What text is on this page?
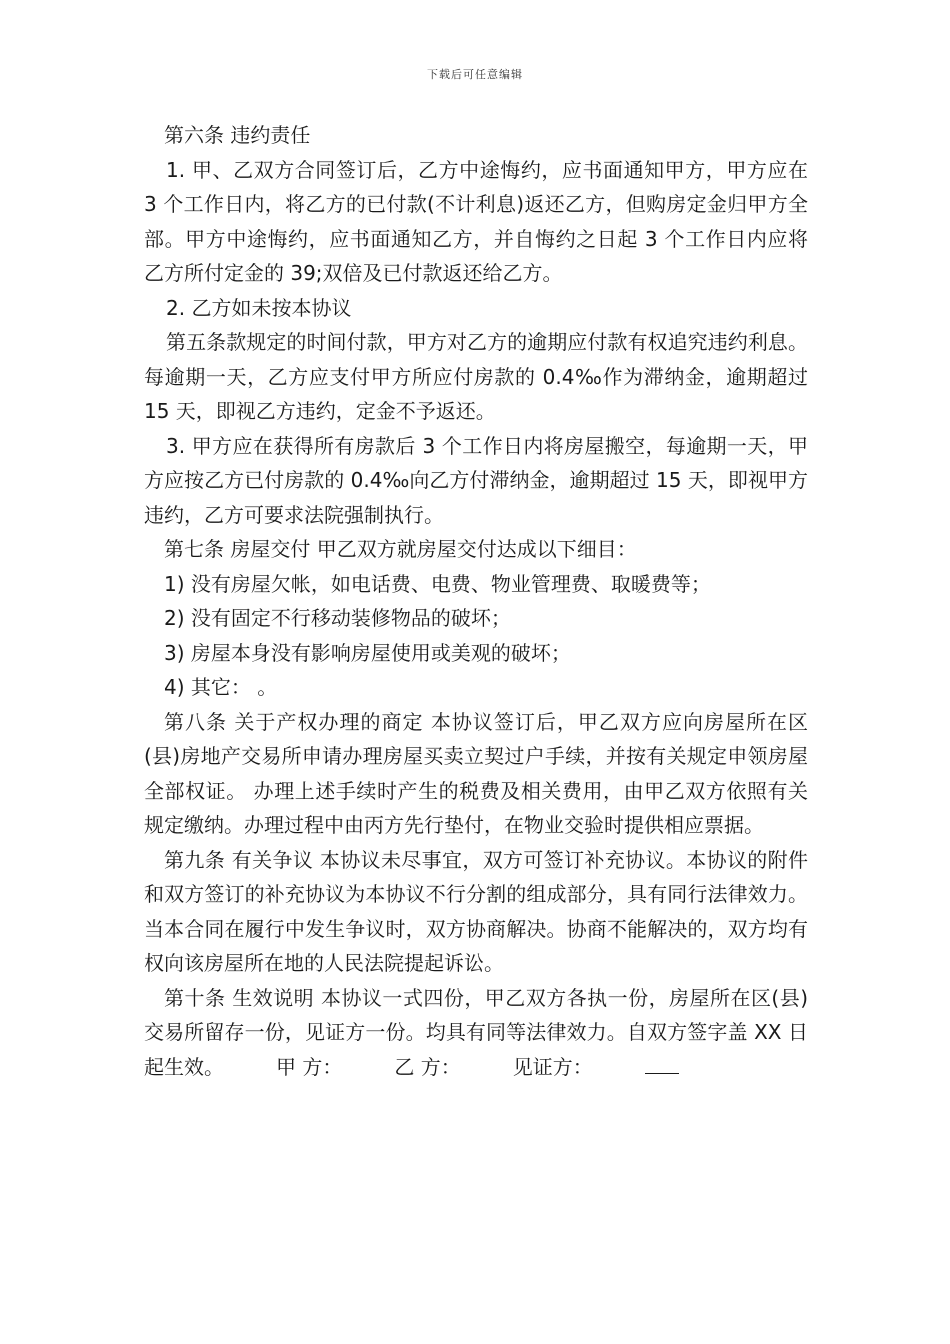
下载后可任意编辑

第六条 违约责任

1. 甲、乙双方合同签订后，乙方中途悔约，应书面通知甲方，甲方应在 3 个工作日内，将乙方的已付款(不计利息)返还乙方，但购房定金归甲方全部。甲方中途悔约，应书面通知乙方，并自悔约之日起 3 个工作日内应将乙方所付定金的 39;双倍及已付款返还给乙方。

2. 乙方如未按本协议

第五条款规定的时间付款，甲方对乙方的逾期应付款有权追究违约利息。每逾期一天，乙方应支付甲方所应付房款的 0.4‰作为滞纳金，逾期超过 15 天，即视乙方违约，定金不予返还。

3. 甲方应在获得所有房款后 3 个工作日内将房屋搬空，每逾期一天，甲方应按乙方已付房款的 0.4‰向乙方付滞纳金，逾期超过 15 天，即视甲方违约，乙方可要求法院强制执行。

第七条 房屋交付 甲乙双方就房屋交付达成以下细目：

1) 没有房屋欠帐，如电话费、电费、物业管理费、取暖费等；

2) 没有固定不行移动装修物品的破坏；

3) 房屋本身没有影响房屋使用或美观的破坏；

4) 其它： 。

第八条 关于产权办理的商定 本协议签订后，甲乙双方应向房屋所在区(县)房地产交易所申请办理房屋买卖立契过户手续，并按有关规定申领房屋全部权证。 办理上述手续时产生的税费及相关费用，由甲乙双方依照有关规定缴纳。办理过程中由丙方先行垫付，在物业交验时提供相应票据。

第九条 有关争议 本协议未尽事宜，双方可签订补充协议。本协议的附件和双方签订的补充协议为本协议不行分割的组成部分，具有同行法律效力。当本合同在履行中发生争议时，双方协商解决。协商不能解决的，双方均有权向该房屋所在地的人民法院提起诉讼。

第十条 生效说明 本协议一式四份，甲乙双方各执一份，房屋所在区(县)交易所留存一份，见证方一份。均具有同等法律效力。自双方签字盖 XX 日起生效。	甲 方：	乙 方：	见证方：
